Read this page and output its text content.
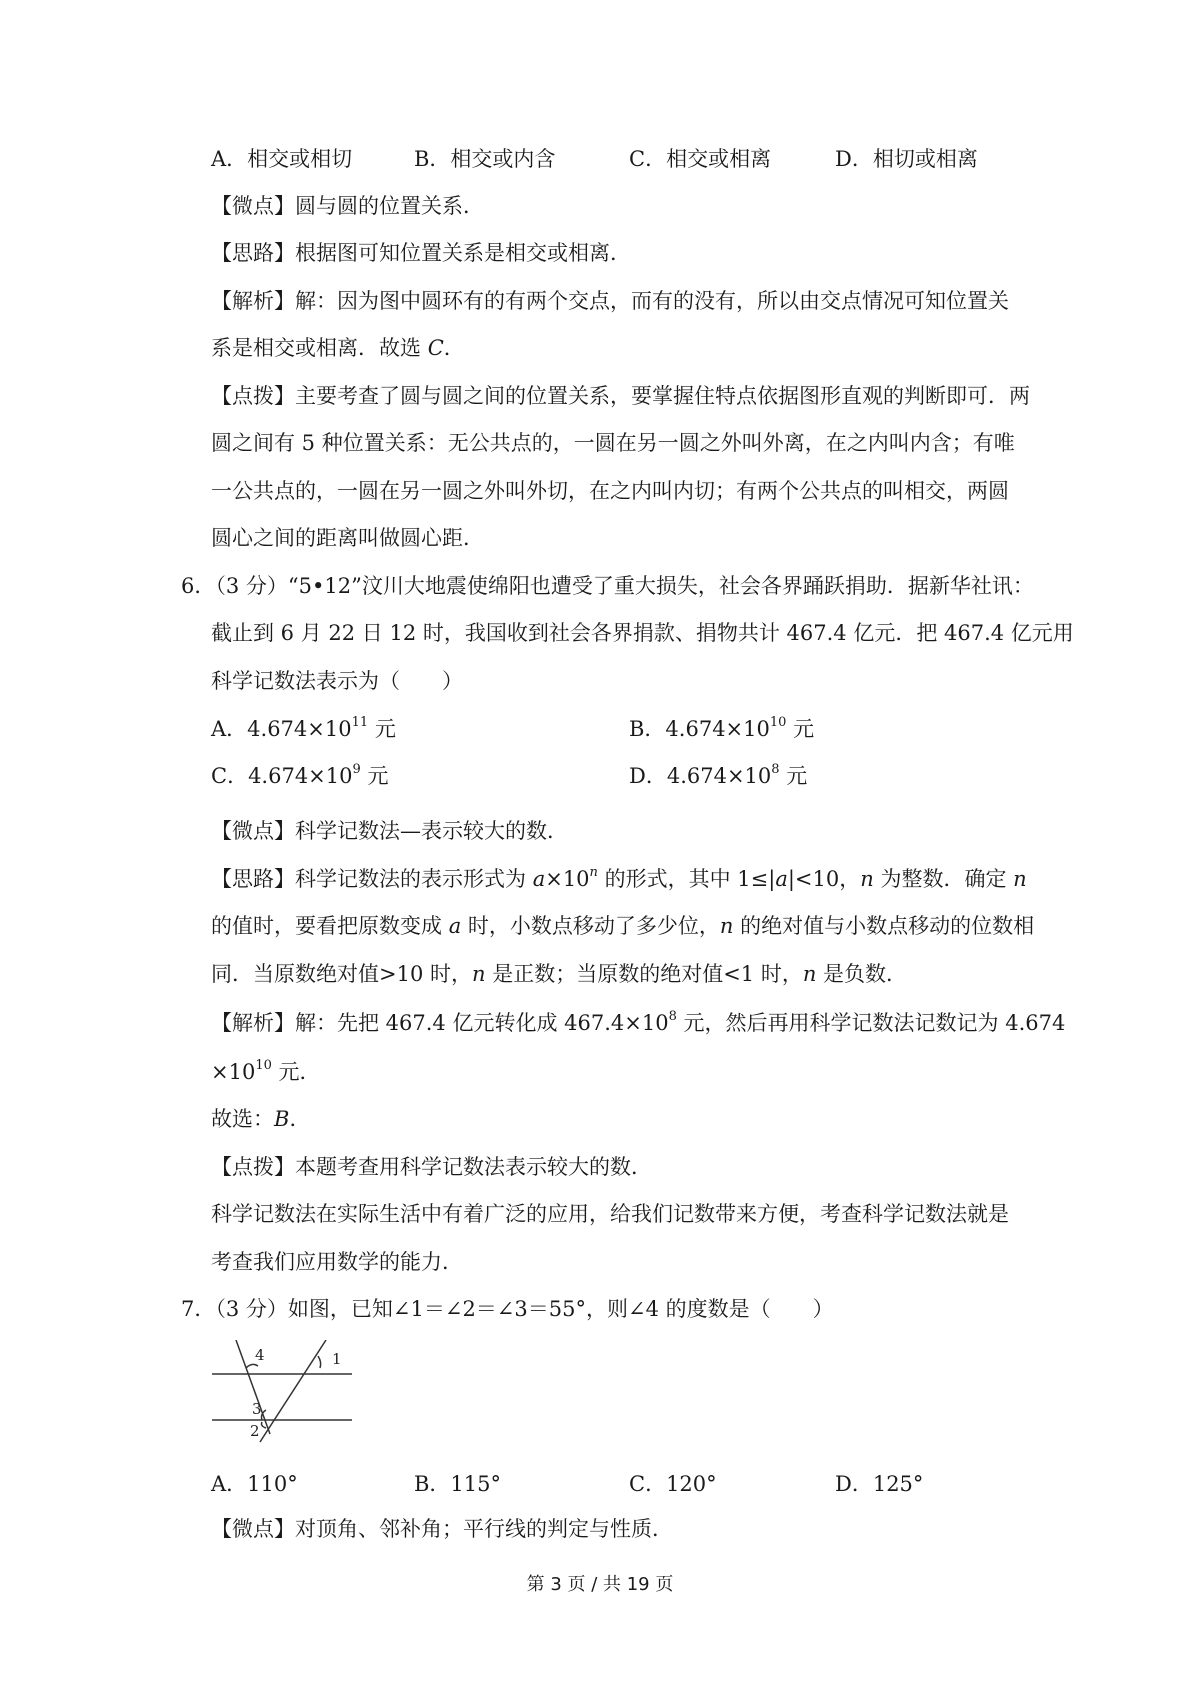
A．相交或相切	B．相交或内含	C．相交或相离	D．相切或相离
【微点】圆与圆的位置关系．
【思路】根据图可知位置关系是相交或相离．
【解析】解：因为图中圆环有的有两个交点，而有的没有，所以由交点情况可知位置关
系是相交或相离．故选 C．
【点拨】主要考查了圆与圆之间的位置关系，要掌握住特点依据图形直观的判断即可．两
圆之间有 5 种位置关系：无公共点的，一圆在另一圆之外叫外离，在之内叫内含；有唯
一公共点的，一圆在另一圆之外叫外切，在之内叫内切；有两个公共点的叫相交，两圆
圆心之间的距离叫做圆心距．
6．（3 分）“5•12”汶川大地震使绵阳也遭受了重大损失，社会各界踊跃捐助．据新华社讯：
截止到 6 月 22 日 12 时，我国收到社会各界捐款、捐物共计 467.4 亿元．把 467.4 亿元用
科学记数法表示为（　　）
A．$4.674\times 10^{11}$ 元	B．$4.674\times 10^{10}$ 元
C．$4.674\times 10^9$ 元	D．$4.674\times 10^8$ 元
【微点】科学记数法—表示较大的数．
【思路】科学记数法的表示形式为 $a\times 10^n$ 的形式，其中 1≤|a|<10，n 为整数．确定 n
的值时，要看把原数变成 a 时，小数点移动了多少位，n 的绝对值与小数点移动的位数相
同．当原数绝对值>10 时，n 是正数；当原数的绝对值<1 时，n 是负数．
【解析】解：先把 467.4 亿元转化成 $467.4\times 10^8$ 元，然后再用科学记数法记数记为 4.674
$\times 10^{10}$ 元．
故选：B．
【点拨】本题考查用科学记数法表示较大的数．
科学记数法在实际生活中有着广泛的应用，给我们记数带来方便，考查科学记数法就是
考查我们应用数学的能力．
7．（3 分）如图，已知∠1＝∠2＝∠3＝55°，则∠4 的度数是（　　）
4	1
3
2
A．110°	B．115°	C．120°	D．125°
【微点】对顶角、邻补角；平行线的判定与性质．
第 3 页 / 共 19 页
